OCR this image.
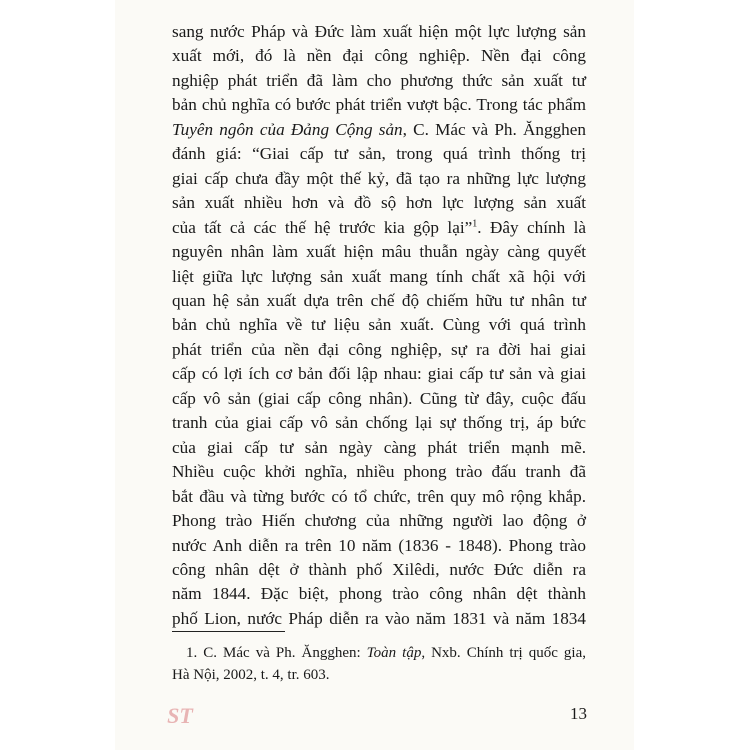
sang nước Pháp và Đức làm xuất hiện một lực lượng sản
xuất mới, đó là nền đại công nghiệp. Nền đại công
nghiệp phát triển đã làm cho phương thức sản xuất tư
bản chủ nghĩa có bước phát triển vượt bậc. Trong tác phẩm
Tuyên ngôn của Đảng Cộng sản, C. Mác và Ph. Ăngghen
đánh giá: “Giai cấp tư sản, trong quá trình thống trị
giai cấp chưa đầy một thế kỷ, đã tạo ra những lực lượng
sản xuất nhiều hơn và đồ sộ hơn lực lượng sản xuất
của tất cả các thế hệ trước kia gộp lại”$^1$. Đây chính là
nguyên nhân làm xuất hiện mâu thuẫn ngày càng quyết
liệt giữa lực lượng sản xuất mang tính chất xã hội với
quan hệ sản xuất dựa trên chế độ chiếm hữu tư nhân tư
bản chủ nghĩa về tư liệu sản xuất. Cùng với quá trình
phát triển của nền đại công nghiệp, sự ra đời hai giai
cấp có lợi ích cơ bản đối lập nhau: giai cấp tư sản và giai
cấp vô sản (giai cấp công nhân). Cũng từ đây, cuộc đấu
tranh của giai cấp vô sản chống lại sự thống trị, áp bức
của giai cấp tư sản ngày càng phát triển mạnh mẽ.
Nhiều cuộc khởi nghĩa, nhiều phong trào đấu tranh đã
bắt đầu và từng bước có tổ chức, trên quy mô rộng khắp.
Phong trào Hiến chương của những người lao động ở
nước Anh diễn ra trên 10 năm (1836 - 1848). Phong trào
công nhân dệt ở thành phố Xilêdi, nước Đức diễn ra
năm 1844. Đặc biệt, phong trào công nhân dệt thành
phố Lion, nước Pháp diễn ra vào năm 1831 và năm 1834
1. C. Mác và Ph. Ăngghen: Toàn tập, Nxb. Chính trị quốc gia,
Hà Nội, 2002, t. 4, tr. 603.
13
ST
